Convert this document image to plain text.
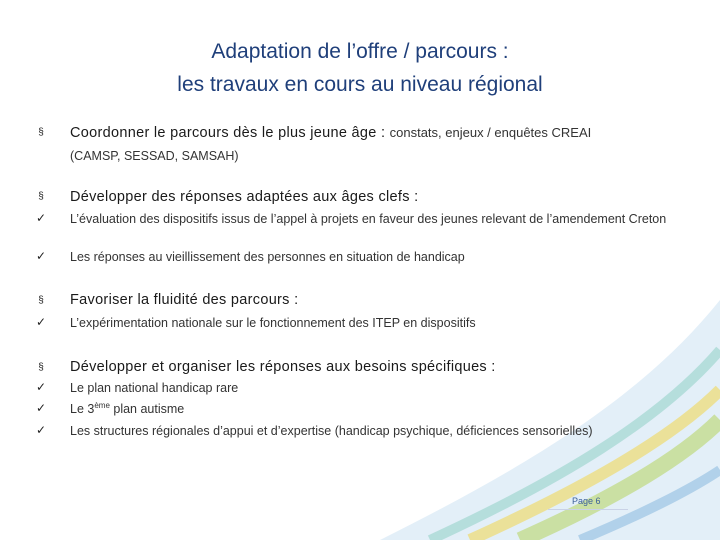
Adaptation de l’offre / parcours :
les travaux en cours au niveau régional
§ Coordonner le parcours dès le plus jeune âge : constats, enjeux / enquêtes CREAI
(CAMSP, SESSAD, SAMSAH)
§ Développer des réponses adaptées aux âges clefs :
✓ L’évaluation des dispositifs issus de l’appel à projets en faveur des jeunes relevant de l’amendement Creton
✓ Les réponses au vieillissement des personnes en situation de handicap
§ Favoriser la fluidité des parcours :
✓ L’expérimentation nationale sur le fonctionnement des ITEP en dispositifs
§ Développer et organiser les réponses aux besoins spécifiques :
✓ Le plan national handicap rare
✓ Le 3ème plan autisme
✓ Les structures régionales d’appui et d’expertise (handicap psychique, déficiences sensorielles)
Page 6
